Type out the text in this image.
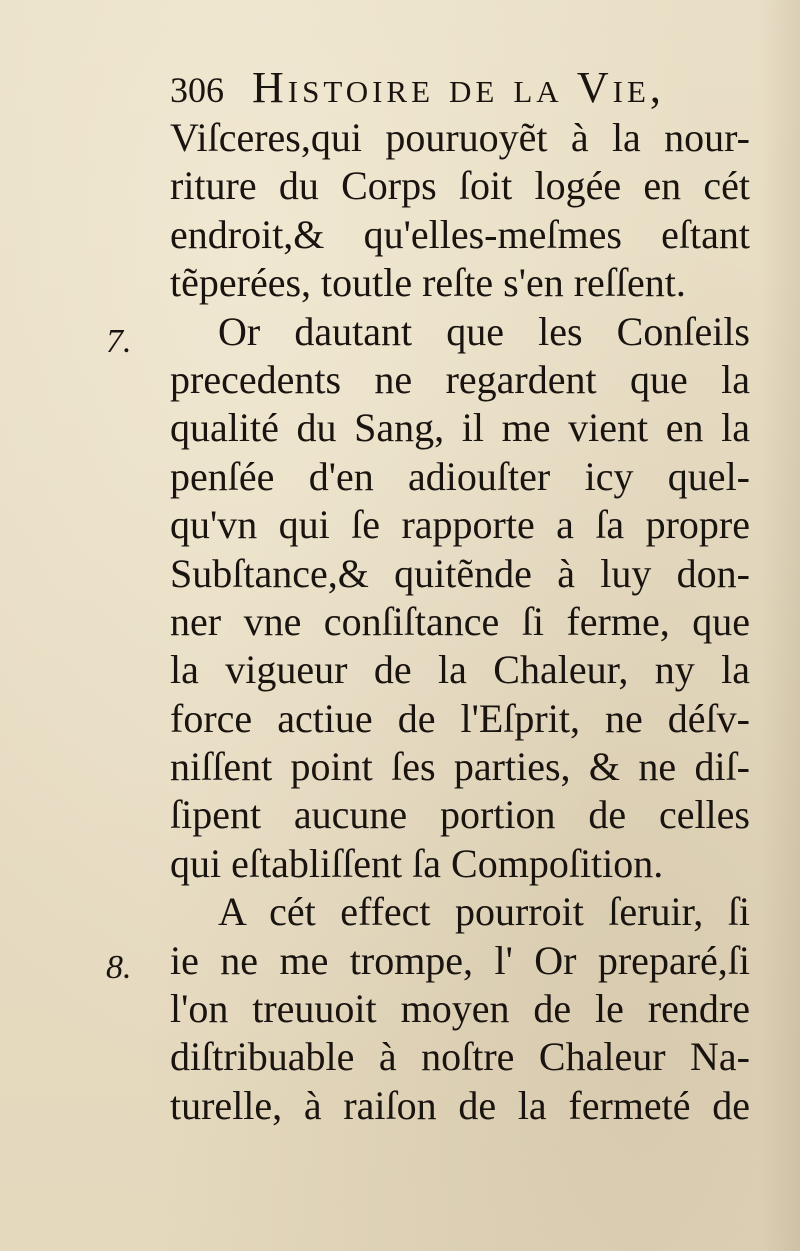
306 Histoire de la Vie,
7.
8.
Viſceres,qui pouruoyẽt à la nour-
riture du Corps ſoit logée en cét
endroit,& qu'elles-meſmes eſtant
tẽperées, toutle reſte s'en reſſent.
Or dautant que les Conſeils
precedents ne regardent que la
qualité du Sang, il me vient en la
penſée d'en adiouſter icy quel-
qu'vn qui ſe rapporte a ſa propre
Subſtance,& quitẽnde à luy don-
ner vne conſiſtance ſi ferme, que
la vigueur de la Chaleur, ny la
force actiue de l'Eſprit, ne déſv-
niſſent point ſes parties, & ne diſ-
ſipent aucune portion de celles
qui eſtabliſſent ſa Compoſition.
A cét effect pourroit ſeruir, ſi
ie ne me trompe, l' Or preparé,ſi
l'on treuuoit moyen de le rendre
diſtribuable à noſtre Chaleur Na-
turelle, à raiſon de la fermeté de
